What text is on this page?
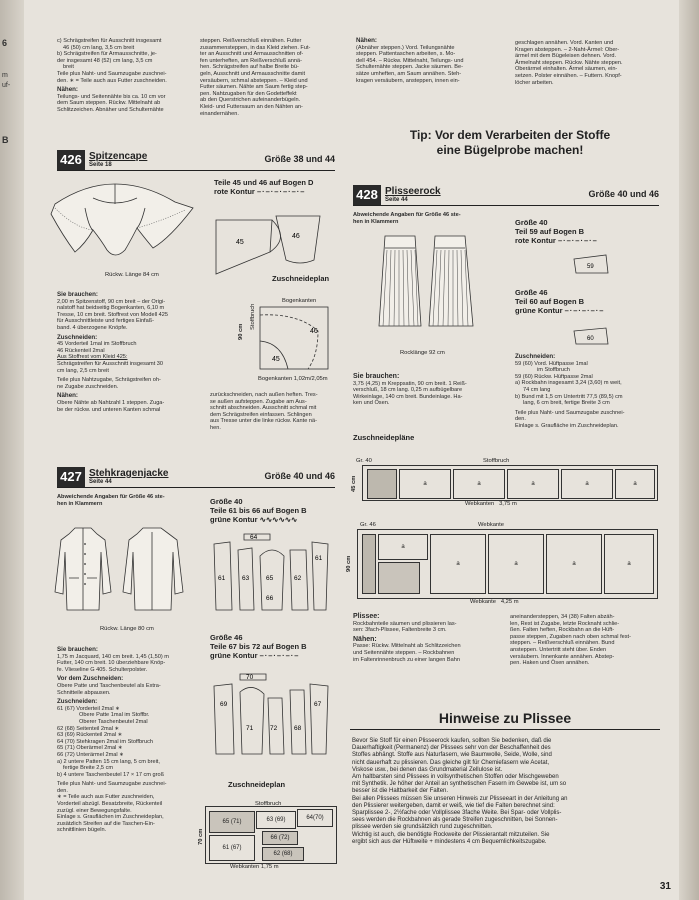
6
m
uf-
B
c) Schrägstreifen für Ausschnitt insgesamt
46 (50) cm lang, 3,5 cm breit
b) Schrägstreifen für Armausschnitte, je-
der insgesamt 48 (52) cm lang, 3,5 cm
breit
Teile plus Naht- und Saumzugabe zuschnei-
den. ∗ = Teile auch aus Futter zuschneiden.
Nähen:
Teilungs- und Seitennähte bis ca. 10 cm vor
dem Saum steppen. Rückw. Mittelnaht ab
Schlitzzeichen. Abnäher und Schulternähte
steppen. Reißverschluß einnähen. Futter
zusammensteppen, in das Kleid ziehen. Fut-
ter an Ausschnitt und Armausschnitten of-
fen unterheften, am Reißverschluß annä-
hen. Schrägstreifen auf halbe Breite bü-
geln, Ausschnitt und Armausschnitte damit
versäubern, schmal absteppen. – Kleid und
Futter säumen. Nähte am Saum fertig step-
pen. Nahtzugaben für den Godetteffekt
ab den Querstrichen aufeinanderbügeln.
Kleid- und Futtersaum an den Nähten an-
einandernähen.
Nähen:
(Abnäher steppen.) Vord. Teilungsnähte
steppen. Pattentaschen arbeiten, s. Mo-
dell 454. – Rückw. Mittelnaht, Teilungs- und
Schulternähte steppen. Jacke säumen. Be-
sätze umheften, am Saum annähen. Steh-
kragen versäubern, ansteppen, innen ein-
geschlagen annähen. Vord. Kanten und
Kragen absteppen. – 2-Naht-Ärmel: Ober-
ärmel mit dem Bügeleisen dehnen. Vord.
Ärmelnaht steppen. Rückw. Nähte steppen.
Oberärmel einhalten. Ärmel säumen, ein-
setzen. Polster einnähen. – Futtern. Knopf-
löcher arbeiten.
Tip: Vor dem Verarbeiten der Stoffe
eine Bügelprobe machen!
426 Spitzencape
Seite 18
Größe 38 und 44
Rückw. Länge 84 cm
Teile 45 und 46 auf Bogen D
rote Kontur –·–·–·–·–·–
45
46
Zuschneideplan
Bogenkanten
46
45
Stoffbruch
90 cm
Bogenkanten 1,02m/2,05m
Sie brauchen:
2,00 m Spitzenstoff, 90 cm breit – der Origi-
nalstoff hat beidseitig Bogenkanten, 6,10 m
Tresse, 10 cm breit. Stoffrest von Modell 425
für Ausschnittleiste und fertiges Einfaß-
band. 4 überzogene Knöpfe.
Zuschneiden:
45 Vorderteil 1mal im Stoffbruch
46 Rückenteil 2mal
Aus Stoffrest vom Kleid 425:
Schrägstreifen für Ausschnitt insgesamt 30
cm lang, 2,5 cm breit
Teile plus Nahtzugabe, Schrägstreifen oh-
ne Zugabe zuschneiden.
Nähen:
Obere Nähte ab Nahtzahl 1 steppen. Zuga-
be der rückw. und unteren Kanten schmal
zurückschneiden, nach außen heften. Tres-
se außen aufsteppen. Zugabe am Aus-
schnitt abschneiden. Ausschnitt schmal mit
dem Schrägstreifen einfassen. Schlingen
aus Tresse unter die linke rückw. Kante nä-
hen.
427 Stehkragenjacke
Seite 44
Größe 40 und 46
Abweichende Angaben für Größe 46 ste-
hen in Klammern
Rückw. Länge 80 cm
Größe 40
Teile 61 bis 66 auf Bogen B
grüne Kontur ∿∿∿∿∿∿
64
61	63	65	62
61
66
Größe 46
Teile 67 bis 72 auf Bogen B
grüne Kontur –·–·–·–·–
69
71	72	68
67
70
Zuschneideplan
Stoffbruch
70 cm
65 (71)	63 (69)	64(70)
61 (67)
66 (72)
62 (68)
Webkanten 1,75 m
Sie brauchen:
1,75 m Jacquard, 140 cm breit. 1,45 (1,50) m
Futter, 140 cm breit. 10 überziehbare Knöp-
fe. Vlieseline G 405. Schulterpolster.
Vor dem Zuschneiden:
Obere Patte und Taschenbeutel als Extra-
Schnitteile abpausen.
Zuschneiden:
61 (67) Vorderteil 2mal ∗
Obere Patte 1mal im Stoffbr.
Oberer Taschenbeutel 2mal
62 (68) Seitenteil 2mal ∗
63 (69) Rückenteil 2mal ∗
64 (70) Stehkragen 2mal im Stoffbruch
65 (71) Oberärmel 2mal ∗
66 (72) Unterärmel 2mal ∗
a) 2 untere Patten 15 cm lang, 5 cm breit,
fertige Breite 2,5 cm
b) 4 untere Taschenbeutel 17 × 17 cm groß
Teile plus Naht- und Saumzugabe zuschnei-
den.
∗ = Teile auch aus Futter zuschneiden,
Vorderteil abzügl. Besatzbreite, Rückenteil
zuzügl. einer Bewegungsfalte.
Einlage s. Grauflächen im Zuschneideplan,
zusätzlich Streifen auf die Taschen-Ein-
schnittlinien bügeln.
428 Plisseerock
Seite 44
Größe 40 und 46
Abweichende Angaben für Größe 46 ste-
hen in Klammern
Rocklänge 92 cm
Größe 40
Teil 59 auf Bogen B
rote Kontur –·–·–·–·–
59
Größe 46
Teil 60 auf Bogen B
grüne Kontur –·–·–·–·–
60
Zuschneiden:
59 (60) Vord. Hüftpasse 1mal
im Stoffbruch
59 (60) Rückw. Hüftpasse 2mal
a) Rockbahn insgesamt 3,24 (3,60) m weit,
74 cm lang
b) Bund mit 1,5 cm Untertritt 77,5 (89,5) cm
lang, 6 cm breit, fertige Breite 3 cm
Teile plus Naht- und Saumzugabe zuschnei-
den.
Einlage s. Graufläche im Zuschneideplan.
Sie brauchen:
3,75 (4,25) m Kreppsatin, 90 cm breit. 1 Reiß-
verschluß, 18 cm lang. 0,25 m aufbügelbare
Wirkeinlage, 140 cm breit. Bundeinlage. Ha-
ken und Ösen.
Zuschneidepläne
Gr. 40	Stoffbruch
45 cm	a	a	a	a	a
Webkanten 3,75 m
Gr. 46	Webkante
90 cm
a
a	a	a	a
Webkante 4,25 m
Plissee:
Rockbahnteile säumen und plissieren las-
sen: 3fach-Plissee, Faltenbreite 3 cm.
Nähen:
Passe: Rückw. Mittelnaht ab Schlitzzeichen
und Seitennähte steppen. – Rockbahnen
im Faltenrinnenbruch zu einer langen Bahn
aneinandersteppen, 34 (38) Falten abzäh-
len, Rest ist Zugabe, letzte Rocknaht schlie-
ßen. Falten heften, Rockbahn an die Hüft-
passe steppen, Zugaben nach oben schmal fest-
steppen. – Reißverschluß einnähen. Bund
ansteppen. Untertritt steht über. Enden
versäubern. Innenkante annähen. Abstep-
pen. Haken und Ösen annähen.
Hinweise zu Plissee
Bevor Sie Stoff für einen Plisseerock kaufen, sollten Sie bedenken, daß die
Dauerhaftigkeit (Permanenz) der Plissees sehr von der Beschaffenheit des
Stoffes abhängt. Stoffe aus Naturfasern, wie Baumwolle, Seide, Wolle, sind
nicht dauerhaft zu plissieren. Das gleiche gilt für Chemiefasern wie Acetat,
Viskose usw., bei denen das Grundmaterial Zellulose ist.
Am haltbarsten sind Plissees in vollsynthetischen Stoffen oder Mischgeweben
mit Synthetik. Je höher der Anteil an synthetischen Fasern im Gewebe ist, um so
besser ist die Haltbarkeit der Falten.
Bei allen Plissees müssen Sie unseren Hinweis zur Plisseeart in der Anleitung an
den Plissierer weitergeben, damit er weiß, wie tief die Falten berechnet sind:
Sparplissee 2-, 2½fache oder Vollplissee 3fache Weite. Bei Spar- oder Vollplis-
sees werden die Rockbahnen als gerade Streifen zugeschnitten, bei Sonnen-
plissee werden sie grundsätzlich rund zugeschnitten.
Wichtig ist auch, die benötigte Rockweite der Plissierantalt mitzuteilen. Sie
ergibt sich aus der Hüftweite + mindestens 4 cm Bequemlichkeitszugabe.
31
